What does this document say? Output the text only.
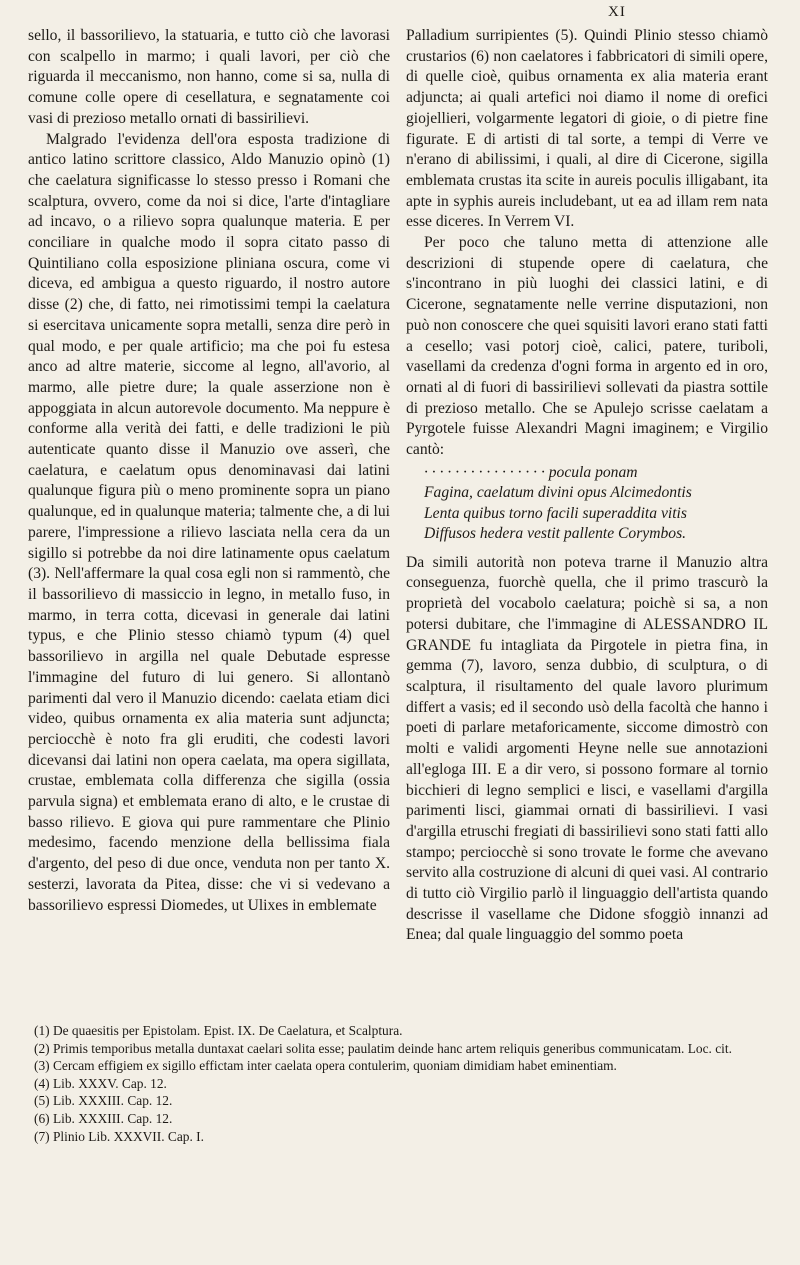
XI

sello, il bassorilievo, la statuaria, e tutto ciò che lavorasi con scalpello in marmo; i quali lavori, per ciò che riguarda il meccanismo, non hanno, come si sa, nulla di comune colle opere di cesellatura, e segnatamente coi vasi di prezioso metallo ornati di bassirilievi.

Malgrado l'evidenza dell'ora esposta tradizione di antico latino scrittore classico, Aldo Manuzio opinò (1) che caelatura significasse lo stesso presso i Romani che scalptura, ovvero, come da noi si dice, l'arte d'intagliare ad incavo, o a rilievo sopra qualunque materia. E per conciliare in qualche modo il sopra citato passo di Quintiliano colla esposizione pliniana oscura, come vi diceva, ed ambigua a questo riguardo, il nostro autore disse (2) che, di fatto, nei rimotissimi tempi la caelatura si esercitava unicamente sopra metalli, senza dire però in qual modo, e per quale artificio; ma che poi fu estesa anco ad altre materie, siccome al legno, all'avorio, al marmo, alle pietre dure; la quale asserzione non è appoggiata in alcun autorevole documento. Ma neppure è conforme alla verità dei fatti, e delle tradizioni le più autenticate quanto disse il Manuzio ove asserì, che caelatura, e caelatum opus denominavasi dai latini qualunque figura più o meno prominente sopra un piano qualunque, ed in qualunque materia; talmente che, a di lui parere, l'impressione a rilievo lasciata nella cera da un sigillo si potrebbe da noi dire latinamente opus caelatum (3). Nell'affermare la qual cosa egli non si rammentò, che il bassorilievo di massiccio in legno, in metallo fuso, in marmo, in terra cotta, dicevasi in generale dai latini typus, e che Plinio stesso chiamò typum (4) quel bassorilievo in argilla nel quale Debutade espresse l'immagine del futuro di lui genero. Si allontanò parimenti dal vero il Manuzio dicendo: caelata etiam dici video, quibus ornamenta ex alia materia sunt adjuncta; perciocchè è noto fra gli eruditi, che codesti lavori dicevansi dai latini non opera caelata, ma opera sigillata, crustae, emblemata colla differenza che sigilla (ossia parvula signa) et emblemata erano di alto, e le crustae di basso rilievo. E giova qui pure rammentare che Plinio medesimo, facendo menzione della bellissima fiala d'argento, del peso di due once, venduta non per tanto X. sesterzi, lavorata da Pitea, disse: che vi si vedevano a bassorilievo espressi Diomedes, ut Ulixes in emblemate

Palladium surripientes (5). Quindi Plinio stesso chiamò crustarios (6) non caelatores i fabbricatori di simili opere, di quelle cioè, quibus ornamenta ex alia materia erant adjuncta; ai quali artefici noi diamo il nome di orefici giojellieri, volgarmente legatori di gioie, o di pietre fine figurate. E di artisti di tal sorte, a tempi di Verre ve n'erano di abilissimi, i quali, al dire di Cicerone, sigilla emblemata crustas ita scite in aureis poculis illigabant, ita apte in syphis aureis includebant, ut ea ad illam rem nata esse diceres. In Verrem VI.

Per poco che taluno metta di attenzione alle descrizioni di stupende opere di caelatura, che s'incontrano in più luoghi dei classici latini, e di Cicerone, segnatamente nelle verrine disputazioni, non può non conoscere che quei squisiti lavori erano stati fatti a cesello; vasi potorj cioè, calici, patere, turiboli, vasellami da credenza d'ogni forma in argento ed in oro, ornati al di fuori di bassirilievi sollevati da piastra sottile di prezioso metallo. Che se Apulejo scrisse caelatam a Pyrgotele fuisse Alexandri Magni imaginem; e Virgilio cantò:

· · · · · · · · · · · · · · · · pocula ponam
Fagina, caelatum divini opus Alcimedontis
Lenta quibus torno facili superaddita vitis
Diffusos hedera vestit pallente Corymbos.

Da simili autorità non poteva trarne il Manuzio altra conseguenza, fuorchè quella, che il primo trascurò la proprietà del vocabolo caelatura; poichè si sa, a non potersi dubitare, che l'immagine di ALESSANDRO IL GRANDE fu intagliata da Pirgotele in pietra fina, in gemma (7), lavoro, senza dubbio, di sculptura, o di scalptura, il risultamento del quale lavoro plurimum differt a vasis; ed il secondo usò della facoltà che hanno i poeti di parlare metaforicamente, siccome dimostrò con molti e validi argomenti Heyne nelle sue annotazioni all'egloga III. E a dir vero, si possono formare al tornio bicchieri di legno semplici e lisci, e vasellami d'argilla parimenti lisci, giammai ornati di bassirilievi. I vasi d'argilla etruschi fregiati di bassirilievi sono stati fatti allo stampo; perciocchè si sono trovate le forme che avevano servito alla costruzione di alcuni di quei vasi. Al contrario di tutto ciò Virgilio parlò il linguaggio dell'artista quando descrisse il vasellame che Didone sfoggiò innanzi ad Enea; dal quale linguaggio del sommo poeta

(1) De quaesitis per Epistolam. Epist. IX. De Caelatura, et Scalptura.

(2) Primis temporibus metalla duntaxat caelari solita esse; paulatim deinde hanc artem reliquis generibus communicatam. Loc. cit.

(3) Cercam effigiem ex sigillo effictam inter caelata opera contulerim, quoniam dimidiam habet eminentiam.

(4) Lib. XXXV. Cap. 12.

(5) Lib. XXXIII. Cap. 12.

(6) Lib. XXXIII. Cap. 12.

(7) Plinio Lib. XXXVII. Cap. I.
